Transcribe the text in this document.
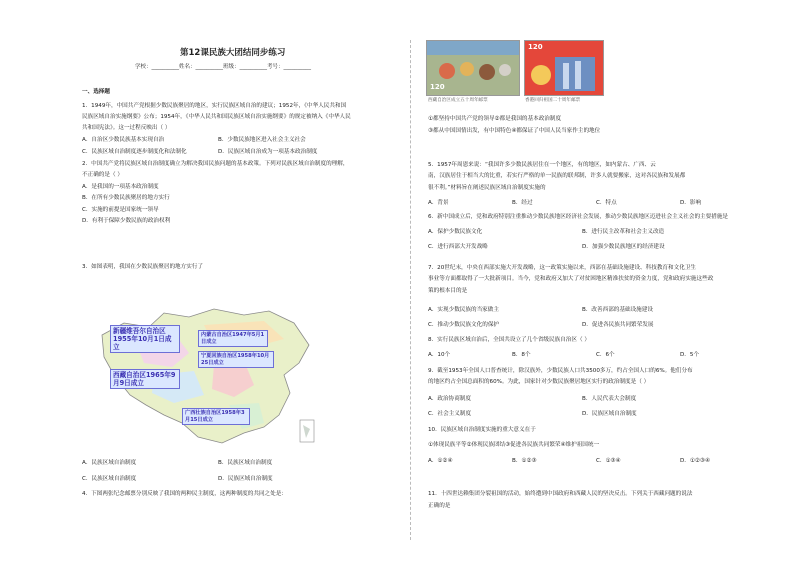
第12课民族大团结同步练习
学校：__________姓名：__________班级：__________考号：__________
一、选择题
1．1949年，中国共产党根据少数民族聚居的地区，实行民族区域自治的建议；1952年，《中华人民共和国
民族区域自治实施纲要》公布；1954年，《中华人民共和国民族区域自治实施纲要》的规定被纳入《中华人民
共和国宪法》。这一过程反映出（ ）
A．自治区少数民族基本实现自治	B．少数民族地区进入社会主义社会
C．民族区域自治制度逐步制度化和法制化	D．民族区域自治成为一项基本政治制度
2．中国共产党将民族区域自治制度确立为解决我国民族问题的基本政策。下列对民族区域自治制度的理解，
不正确的是（ ）
A．是我国的一项基本政治制度
B．在所有少数民族聚居的地方实行
C．实施的前提是国家统一领导
D．有利于保障少数民族的政治权利
3．如图表明，我国在少数民族聚居的地方实行了
新疆维吾尔自治区1955年10月1日成立
内蒙古自治区1947年5月1日成立
宁夏回族自治区1958年10月25日成立
西藏自治区1965年9月9日成立
广西壮族自治区1958年3月15日成立
A．民族区域自治制度	B．民族区域自治制度
C．民族区域自治制度	D．民族区域自治制度
4．下图两张纪念邮票分别反映了我国的两种民主制度，这两种制度的共同之处是：
120
120
西藏自治区成立五十周年邮票	香港回归祖国二十周年邮票
①都坚持中国共产党的领导②都是我国的基本政治制度
③都从中国国情出发，有中国特色④都保证了中国人民当家作主的地位
5．1957年周恩来说：“我国许多少数民族居住在一个地区，有的地区，如内蒙古、广西、云
南，汉族居住于相当大的比重，若实行严格的单一民族的联邦制，许多人就要搬家，这对各民族和发展都
很不利。”材料旨在阐述民族区域自治制度实施的
A．背景	B．经过	C．特点	D．影响
6．新中国成立后，党和政府特别注重推动少数民族地区经济社会发展，推动少数民族地区迈进社会主义社会的主要措施是
A．保护少数民族文化	B．进行民主改革和社会主义改造
C．进行西部大开发战略	D．加强少数民族地区的经济建设
7．20世纪末，中央在西部实施大开发战略，这一政策实施以来，西部在基础设施建设、科技教育和文化卫生
事业等方面都取得了一大批新项目。当今，党和政府又加大了对贫困地区精准扶贫的资金力度，党和政府实施这些政
策的根本目的是
A．实现少数民族的当家做主	B．改善西部的基础设施建设
C．推动少数民族文化的保护	D．促进各民族共同繁荣发展
8．实行民族区域自治后，全国共设立了几个省级民族自治区（ ）
A．10个	B．8个	C．6个	D．5个
9．截至1953年全国人口普查统计，除汉族外，少数民族人口共3500多万，约占全国人口的6%。他们分布
的地区约占全国总面积的60%。为此，国家针对少数民族聚居地区实行的政治制度是（ ）
A．政治协商制度	B．人民代表大会制度
C．社会主义制度	D．民族区域自治制度
10．民族区域自治制度实施的重大意义在于
①体现民族平等②体现民族团结③促进各民族共同繁荣④维护祖国统一
A．①②④	B．①②③	C．①③④	D．①②③④
11．十四世达赖集团分裂祖国的活动，始终遭到中国政府和西藏人民的坚决反击。下列关于西藏问题的说法
正确的是
